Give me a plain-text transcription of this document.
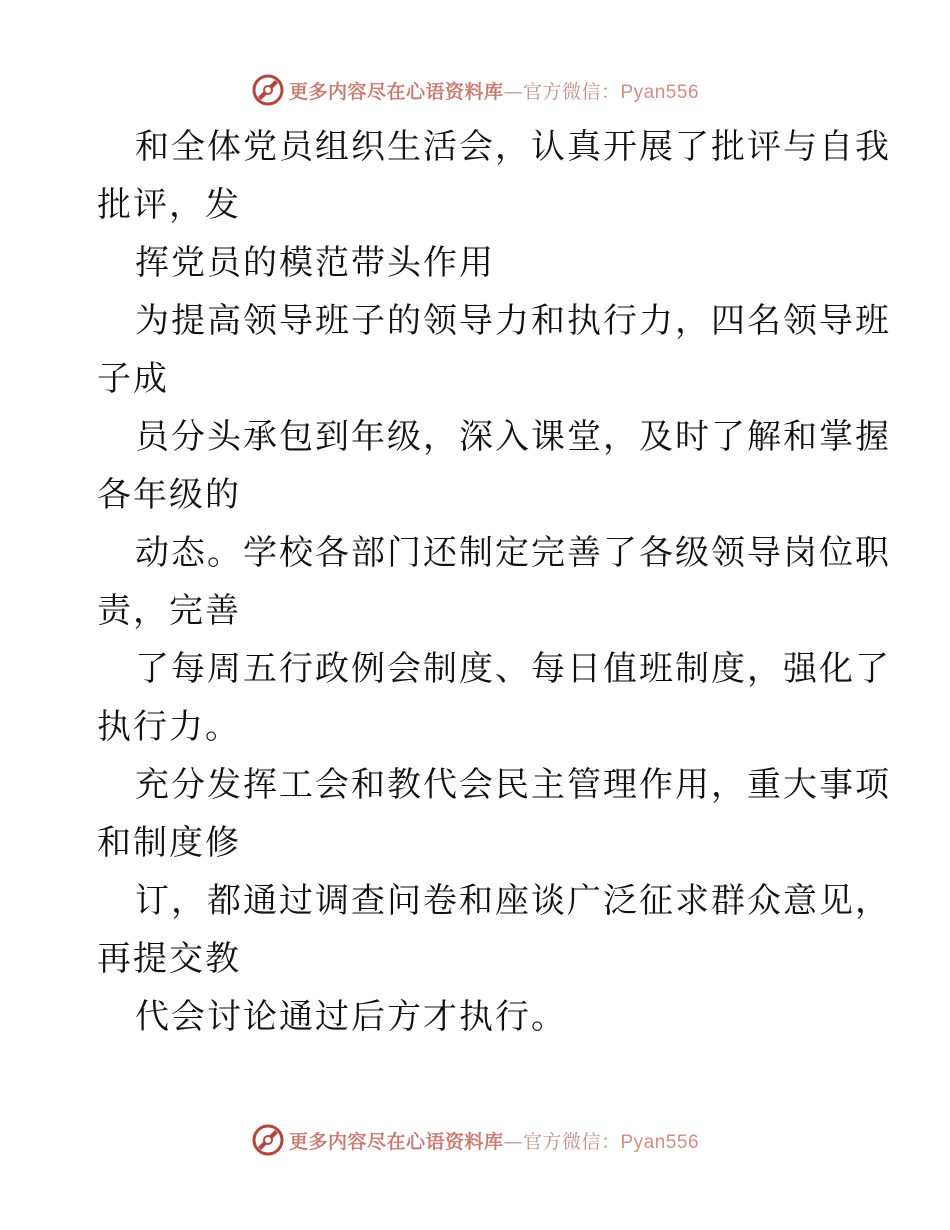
更多内容尽在心语资料库—官方微信：Pyan556
和全体党员组织生活会，认真开展了批评与自我
批评，发
挥党员的模范带头作用
为提高领导班子的领导力和执行力，四名领导班
子成
员分头承包到年级，深入课堂，及时了解和掌握
各年级的
动态。学校各部门还制定完善了各级领导岗位职
责，完善
了每周五行政例会制度、每日值班制度，强化了
执行力。
充分发挥工会和教代会民主管理作用，重大事项
和制度修
订，都通过调查问卷和座谈广泛征求群众意见，
再提交教
代会讨论通过后方才执行。
更多内容尽在心语资料库—官方微信：Pyan556
